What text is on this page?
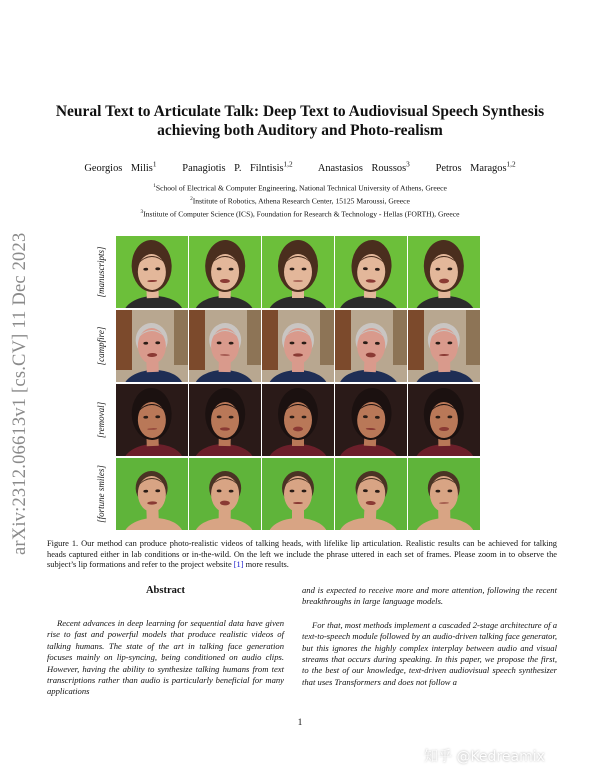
arXiv:2312.06613v1 [cs.CV] 11 Dec 2023
Neural Text to Articulate Talk: Deep Text to Audiovisual Speech Synthesis
achieving both Auditory and Photo-realism
Georgios Milis$^1$ Panagiotis P. Filntisis$^{1,2}$ Anastasios Roussos$^3$ Petros Maragos$^{1,2}$
$^1$School of Electrical & Computer Engineering, National Technical University of Athens, Greece
$^2$Institute of Robotics, Athena Research Center, 15125 Maroussi, Greece
$^3$Institute of Computer Science (ICS), Foundation for Research & Technology - Hellas (FORTH), Greece
[manuscripts]
[campfire]
[removal]
[fortune smiles]
Figure 1. Our method can produce photo-realistic videos of talking heads, with lifelike lip articulation. Realistic results can be achieved for talking heads captured either in lab conditions or in-the-wild. On the left we include the phrase uttered in each set of frames. Please zoom in to observe the subject’s lip formations and refer to the project website [1] more results.
Abstract

Recent advances in deep learning for sequential data have given rise to fast and powerful models that produce realistic videos of talking humans. The state of the art in talking face generation focuses mainly on lip-syncing, being conditioned on audio clips. However, having the ability to synthesize talking humans from text transcriptions rather than audio is particularly beneficial for many applications

and is expected to receive more and more attention, following the recent breakthroughs in large language models.

For that, most methods implement a cascaded 2-stage architecture of a text-to-speech module followed by an audio-driven talking face generator, but this ignores the highly complex interplay between audio and visual streams that occurs during speaking. In this paper, we propose the first, to the best of our knowledge, text-driven audiovisual speech synthesizer that uses Transformers and does not follow a

1
知乎 @Kedreamix
